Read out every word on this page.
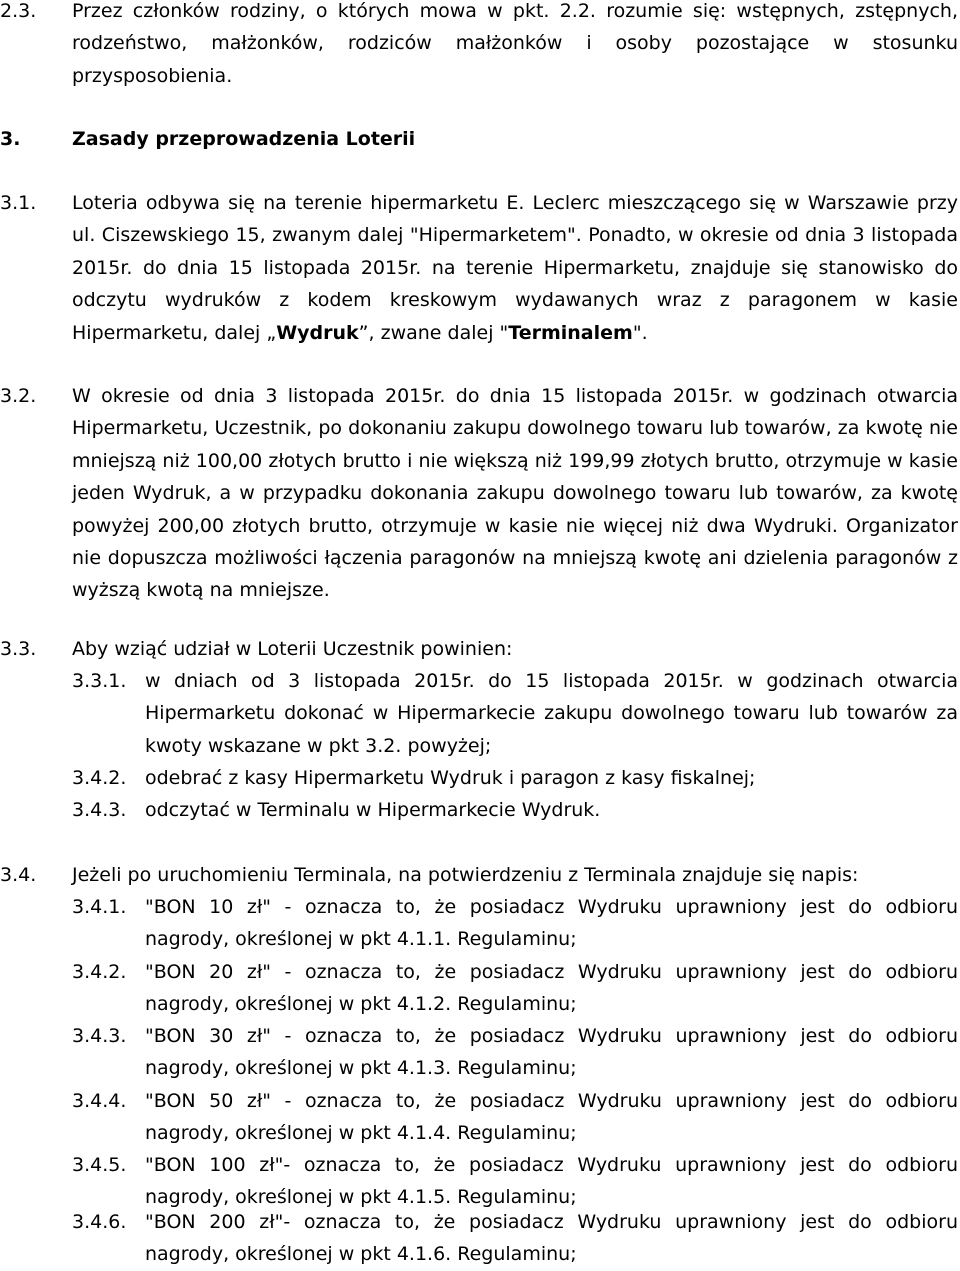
2.3. Przez członków rodziny, o których mowa w pkt. 2.2. rozumie się: wstępnych, zstępnych, rodzeństwo, małżonków, rodziców małżonków i osoby pozostające w stosunku przysposobienia.
3.	Zasady przeprowadzenia Loterii
3.1. Loteria odbywa się na terenie hipermarketu E. Leclerc mieszczącego się w Warszawie przy ul. Ciszewskiego 15, zwanym dalej "Hipermarketem". Ponadto, w okresie od dnia 3 listopada 2015r. do dnia 15 listopada 2015r. na terenie Hipermarketu, znajduje się stanowisko do odczytu wydruków z kodem kreskowym wydawanych wraz z paragonem w kasie Hipermarketu, dalej „Wydruk”, zwane dalej "Terminalem".
3.2. W okresie od dnia 3 listopada 2015r. do dnia 15 listopada 2015r. w godzinach otwarcia Hipermarketu, Uczestnik, po dokonaniu zakupu dowolnego towaru lub towarów, za kwotę nie mniejszą niż 100,00 złotych brutto i nie większą niż 199,99 złotych brutto, otrzymuje w kasie jeden Wydruk, a w przypadku dokonania zakupu dowolnego towaru lub towarów, za kwotę powyżej 200,00 złotych brutto, otrzymuje w kasie nie więcej niż dwa Wydruki. Organizator nie dopuszcza możliwości łączenia paragonów na mniejszą kwotę ani dzielenia paragonów z wyższą kwotą na mniejsze.
3.3. Aby wziąć udział w Loterii Uczestnik powinien:
3.3.1. w dniach od 3 listopada 2015r. do 15 listopada 2015r. w godzinach otwarcia Hipermarketu dokonać w Hipermarkecie zakupu dowolnego towaru lub towarów za kwoty wskazane w pkt 3.2. powyżej;
3.4.2. odebrać z kasy Hipermarketu Wydruk i paragon z kasy fiskalnej;
3.4.3. odczytać w Terminalu w Hipermarkecie Wydruk.
3.4. Jeżeli po uruchomieniu Terminala, na potwierdzeniu z Terminala znajduje się napis:
3.4.1. "BON 10 zł" - oznacza to, że posiadacz Wydruku uprawniony jest do odbioru nagrody, określonej w pkt 4.1.1. Regulaminu;
3.4.2. "BON 20 zł" - oznacza to, że posiadacz Wydruku uprawniony jest do odbioru nagrody, określonej w pkt 4.1.2. Regulaminu;
3.4.3. "BON 30 zł" - oznacza to, że posiadacz Wydruku uprawniony jest do odbioru nagrody, określonej w pkt 4.1.3. Regulaminu;
3.4.4. "BON 50 zł" - oznacza to, że posiadacz Wydruku uprawniony jest do odbioru nagrody, określonej w pkt 4.1.4. Regulaminu;
3.4.5. "BON 100 zł"- oznacza to, że posiadacz Wydruku uprawniony jest do odbioru nagrody, określonej w pkt 4.1.5. Regulaminu;
3.4.6. "BON 200 zł"- oznacza to, że posiadacz Wydruku uprawniony jest do odbioru nagrody, określonej w pkt 4.1.6. Regulaminu;
